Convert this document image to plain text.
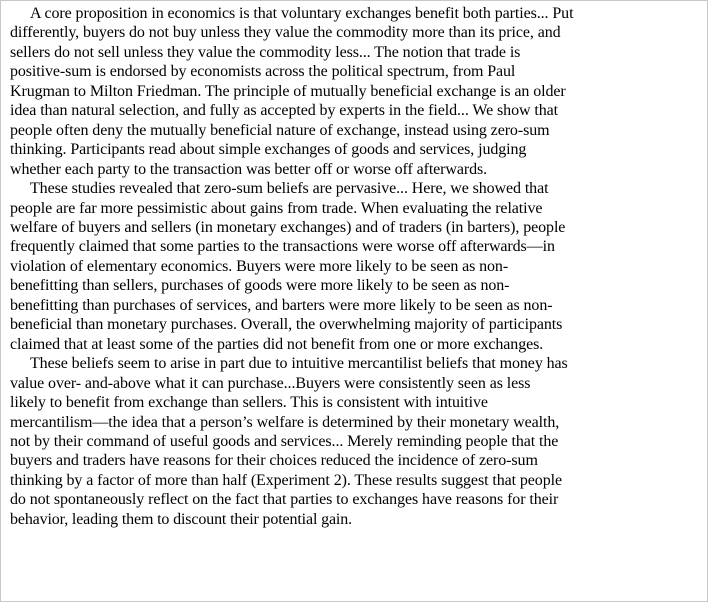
A core proposition in economics is that voluntary exchanges benefit both parties... Put
differently, buyers do not buy unless they value the commodity more than its price, and
sellers do not sell unless they value the commodity less... The notion that trade is
positive-sum is endorsed by economists across the political spectrum, from Paul
Krugman to Milton Friedman. The principle of mutually beneficial exchange is an older
idea than natural selection, and fully as accepted by experts in the field... We show that
people often deny the mutually beneficial nature of exchange, instead using zero-sum
thinking. Participants read about simple exchanges of goods and services, judging
whether each party to the transaction was better off or worse off afterwards.

These studies revealed that zero-sum beliefs are pervasive... Here, we showed that
people are far more pessimistic about gains from trade. When evaluating the relative
welfare of buyers and sellers (in monetary exchanges) and of traders (in barters), people
frequently claimed that some parties to the transactions were worse off afterwards—in
violation of elementary economics. Buyers were more likely to be seen as non-
benefitting than sellers, purchases of goods were more likely to be seen as non-
benefitting than purchases of services, and barters were more likely to be seen as non-
beneficial than monetary purchases. Overall, the overwhelming majority of participants
claimed that at least some of the parties did not benefit from one or more exchanges.

These beliefs seem to arise in part due to intuitive mercantilist beliefs that money has
value over- and-above what it can purchase...Buyers were consistently seen as less
likely to benefit from exchange than sellers. This is consistent with intuitive
mercantilism—the idea that a person’s welfare is determined by their monetary wealth,
not by their command of useful goods and services... Merely reminding people that the
buyers and traders have reasons for their choices reduced the incidence of zero-sum
thinking by a factor of more than half (Experiment 2). These results suggest that people
do not spontaneously reflect on the fact that parties to exchanges have reasons for their
behavior, leading them to discount their potential gain.
